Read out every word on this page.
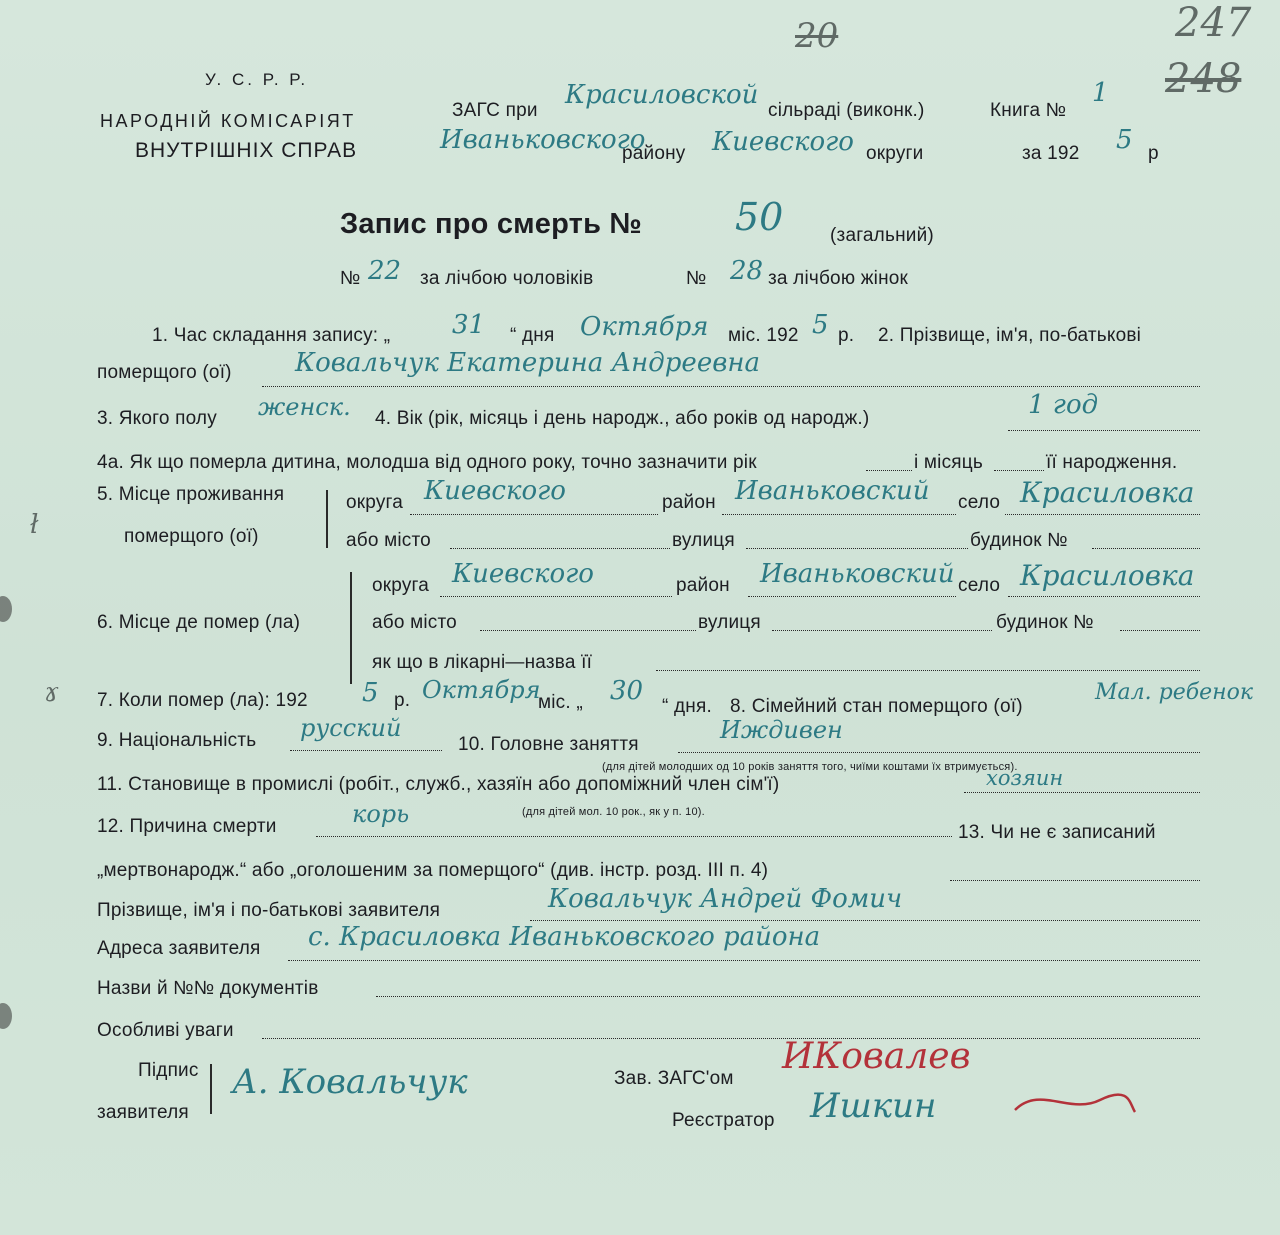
247
20
248
У. С. Р. Р.
НАРОДНІЙ КОМІСАРІЯТ
ВНУТРІШНІХ СПРАВ
ЗАГС при
Красиловской
сільраді (виконк.)
Иваньковского
району Киевского округи
Книга №
1
за 192 5 р
Запис про смерть № 50 (загальний)
№ 22 за лічбою чоловіків	№ 28 за лічбою жінок
1. Час складання запису: „ 31 “ дня Октября міс. 192 5 р. 2. Прізвище, ім'я, по-батькові
померщого (ої) Ковальчук Екатерина Андреевна
3. Якого полу женск. 4. Вік (рік, місяць і день народж., або років од народж.)	1 год
4а. Як що померла дитина, молодша від одного року, точно зазначити рік	і місяць	її народження.
5. Місце проживання
померщого (ої)
округа Киевского	район Иваньковский село Красиловка
або місто	вулиця	будинок №
6. Місце де помер (ла)
округа Киевского	район Иваньковский село Красиловка
або місто	вулиця	будинок №
як що в лікарні—назва її
7. Коли помер (ла): 192 5 р. Октября
міс. „ 30
“ дня. 8. Сімейний стан померщого (ої)
Мал. ребенок
9. Національність русский
10. Головне заняття
Иждивен
(для дітей молодших од 10 років заняття того, чиїми коштами їх втримується).
11. Становище в промислі (робіт., служб., хазяїн або допоміжний член сім'ї)	хозяин
(для дітей мол. 10 рок., як у п. 10).
12. Причина смерти	корь
13. Чи не є записаний
„мертвонародж.“ або „оголошеним за померщого“ (див. інстр. розд. III п. 4)
Прізвище, ім'я і по-батькові заявителя	Ковальчук Андрей Фомич
Адреса заявителя с. Красиловка Иваньковского района
Назви й №№ документів
Особливі уваги
Підпис
заявителя
А. Ковальчук	Зав. ЗАГС'ом
ИКовалев
Реєстратор Ишкин
ł
ɤ
